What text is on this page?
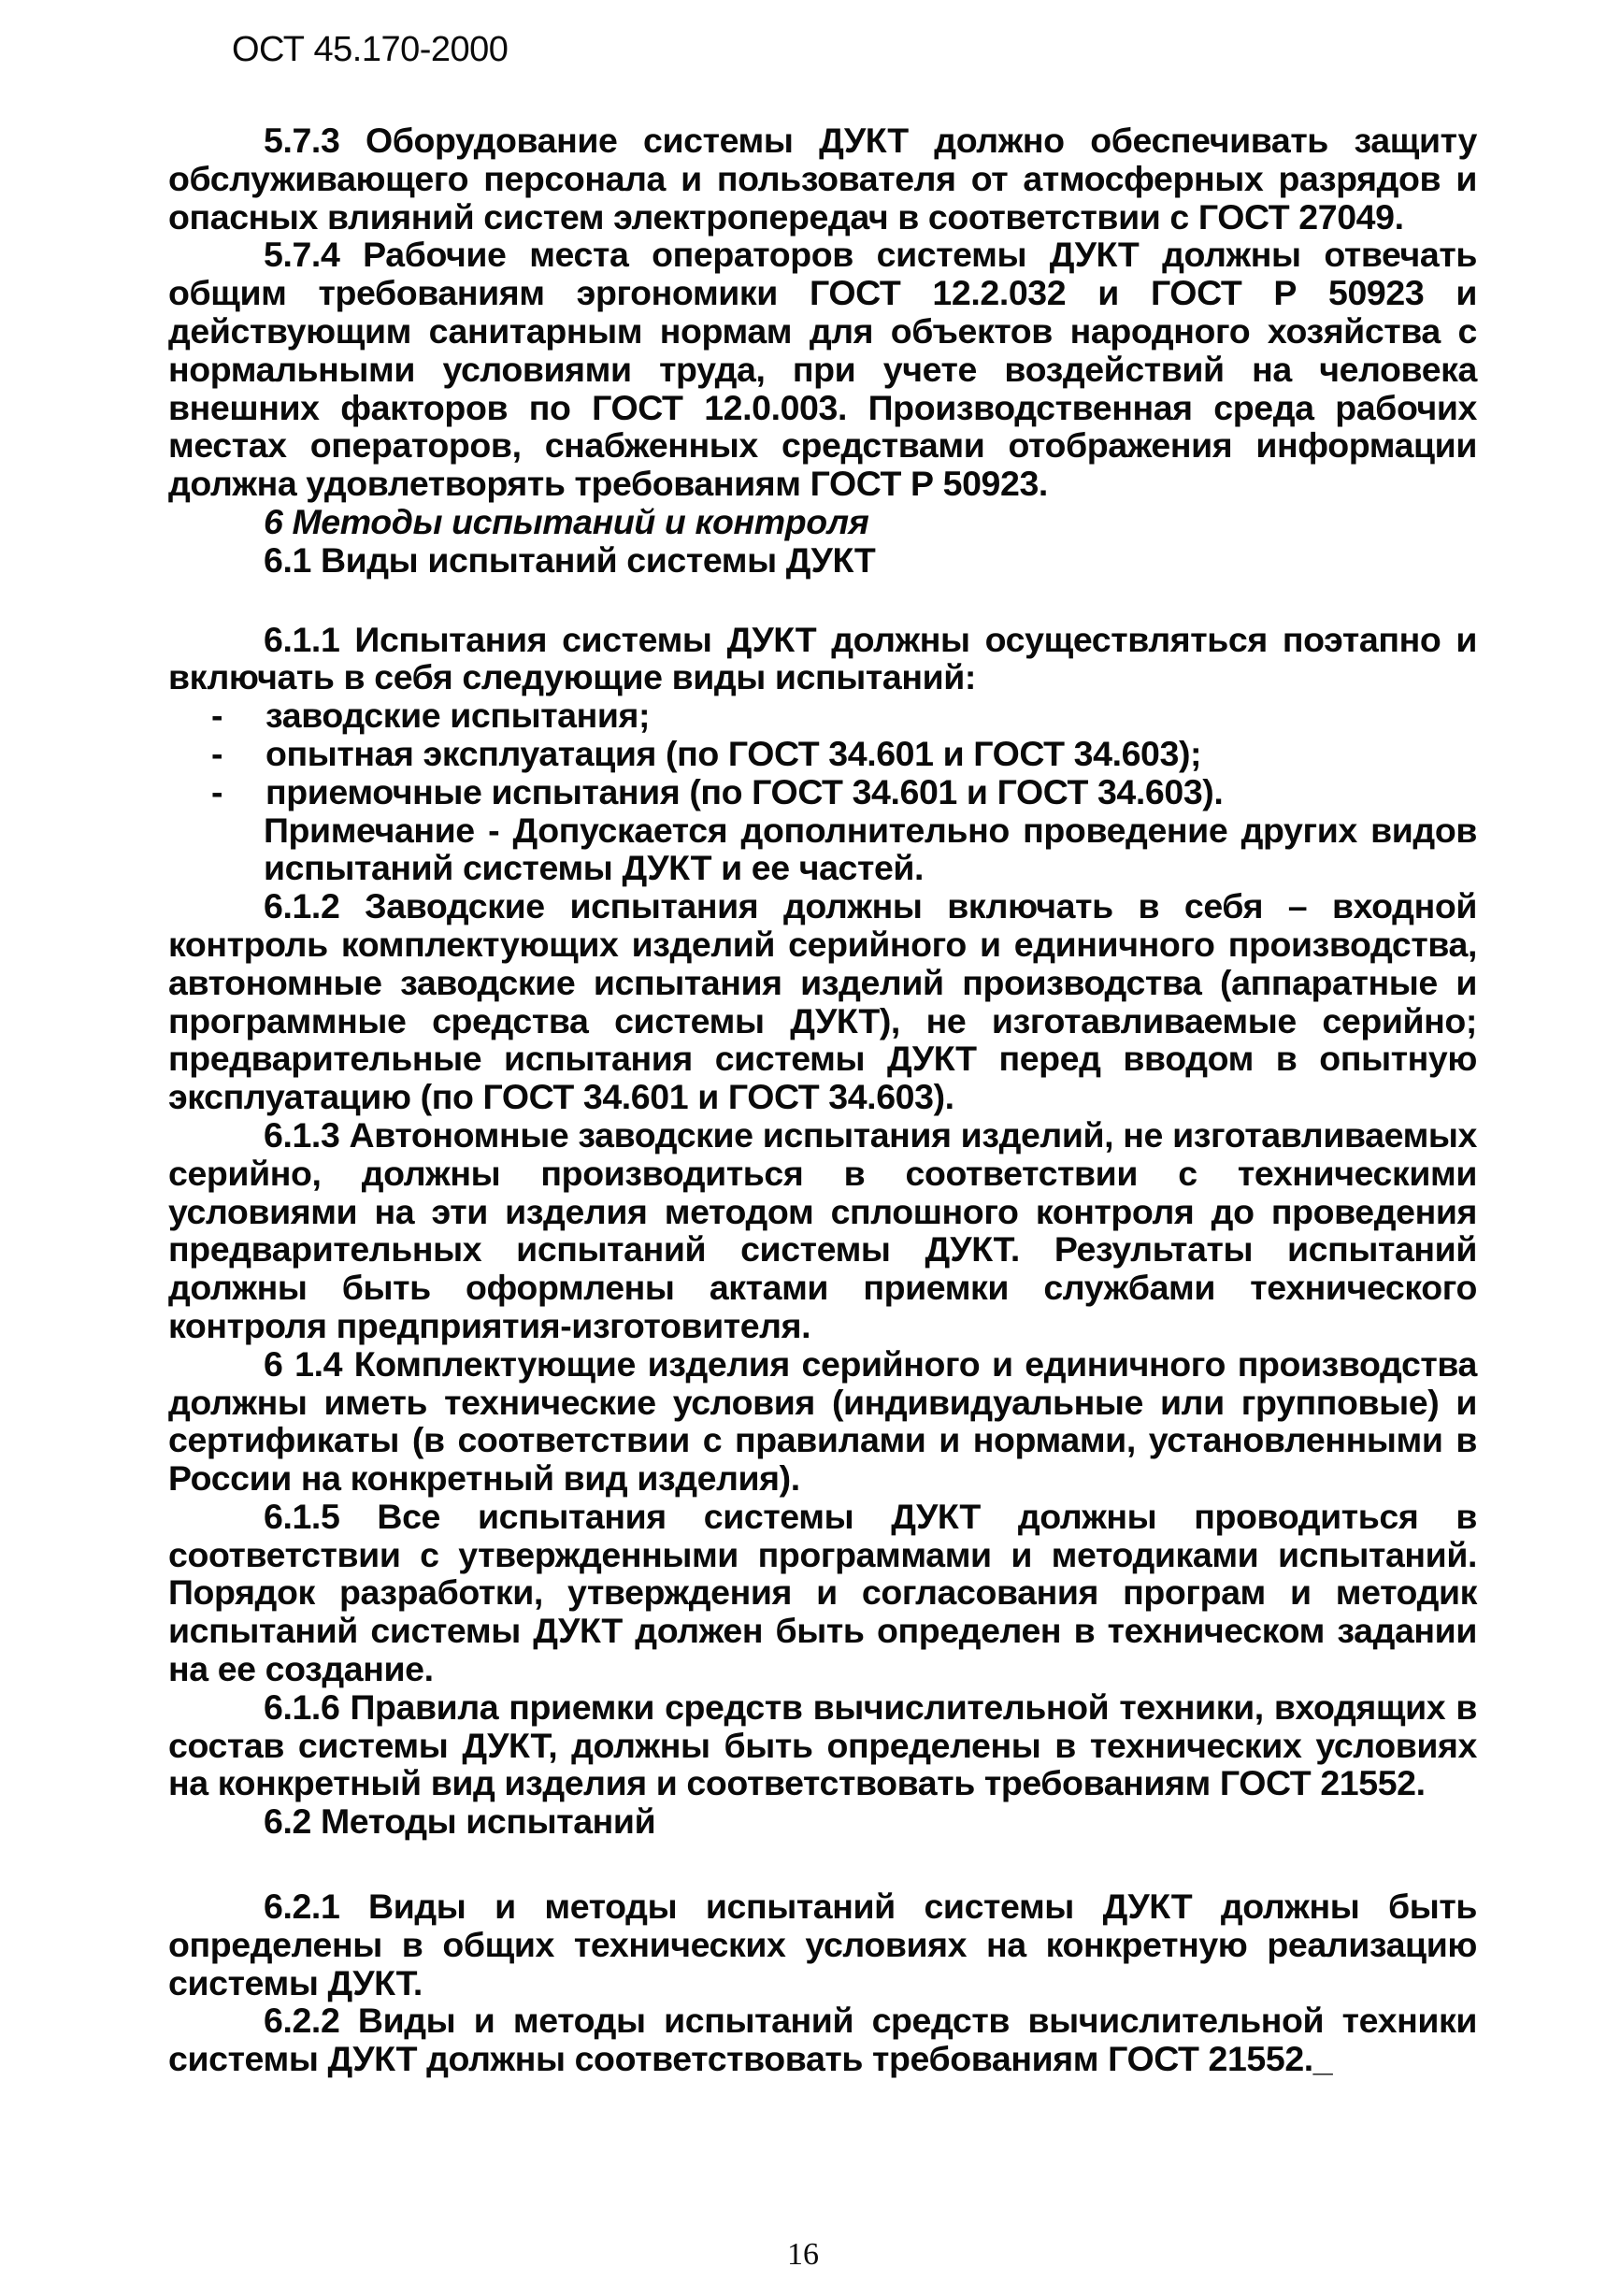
ОСТ 45.170-2000

5.7.3 Оборудование системы ДУКТ должно обеспечивать защиту обслуживающего персонала и пользователя от атмосферных разрядов и опасных влияний систем электропередач в соответствии с ГОСТ 27049.

5.7.4 Рабочие места операторов системы ДУКТ должны отвечать общим требованиям эргономики ГОСТ 12.2.032 и ГОСТ Р 50923 и действующим санитарным нормам для объектов народного хозяйства с нормальными условиями труда, при учете воздействий на человека внешних факторов по ГОСТ 12.0.003. Производственная среда рабочих местах операторов, снабженных средствами отображения информации должна удовлетворять требованиям ГОСТ Р 50923.

6 Методы испытаний и контроля

6.1 Виды испытаний системы ДУКТ

6.1.1 Испытания системы ДУКТ должны осуществляться поэтапно и включать в себя следующие виды испытаний:

-	заводские испытания;
-	опытная эксплуатация (по ГОСТ 34.601 и ГОСТ 34.603);
-	приемочные испытания (по ГОСТ 34.601 и ГОСТ 34.603).

Примечание - Допускается дополнительно проведение других видов испытаний системы ДУКТ и ее частей.

6.1.2 Заводские испытания должны включать в себя – входной контроль комплектующих изделий серийного и единичного производства, автономные заводские испытания изделий производства (аппаратные и программные средства системы ДУКТ), не изготавливаемые серийно; предварительные испытания системы ДУКТ перед вводом в опытную эксплуатацию (по ГОСТ 34.601 и ГОСТ 34.603).

6.1.3 Автономные заводские испытания изделий, не изготавливаемых серийно, должны производиться в соответствии с техническими условиями на эти изделия методом сплошного контроля до проведения предварительных испытаний системы ДУКТ. Результаты испытаний должны быть оформлены актами приемки службами технического контроля предприятия-изготовителя.

6 1.4 Комплектующие изделия серийного и единичного производства должны иметь технические условия (индивидуальные или групповые) и сертификаты (в соответствии с правилами и нормами, установленными в России на конкретный вид изделия).

6.1.5 Все испытания системы ДУКТ должны проводиться в соответствии с утвержденными программами и методиками испытаний. Порядок разработки, утверждения и согласования програм и методик испытаний системы ДУКТ должен быть определен в техническом задании на ее создание.

6.1.6 Правила приемки средств вычислительной техники, входящих в состав системы ДУКТ, должны быть определены в технических условиях на конкретный вид изделия и соответствовать требованиям ГОСТ 21552.

6.2 Методы испытаний

6.2.1 Виды и методы испытаний системы ДУКТ должны быть определены в общих технических условиях на конкретную реализацию системы ДУКТ.

6.2.2 Виды и методы испытаний средств вычислительной техники системы ДУКТ должны соответствовать требованиям ГОСТ 21552._

16
